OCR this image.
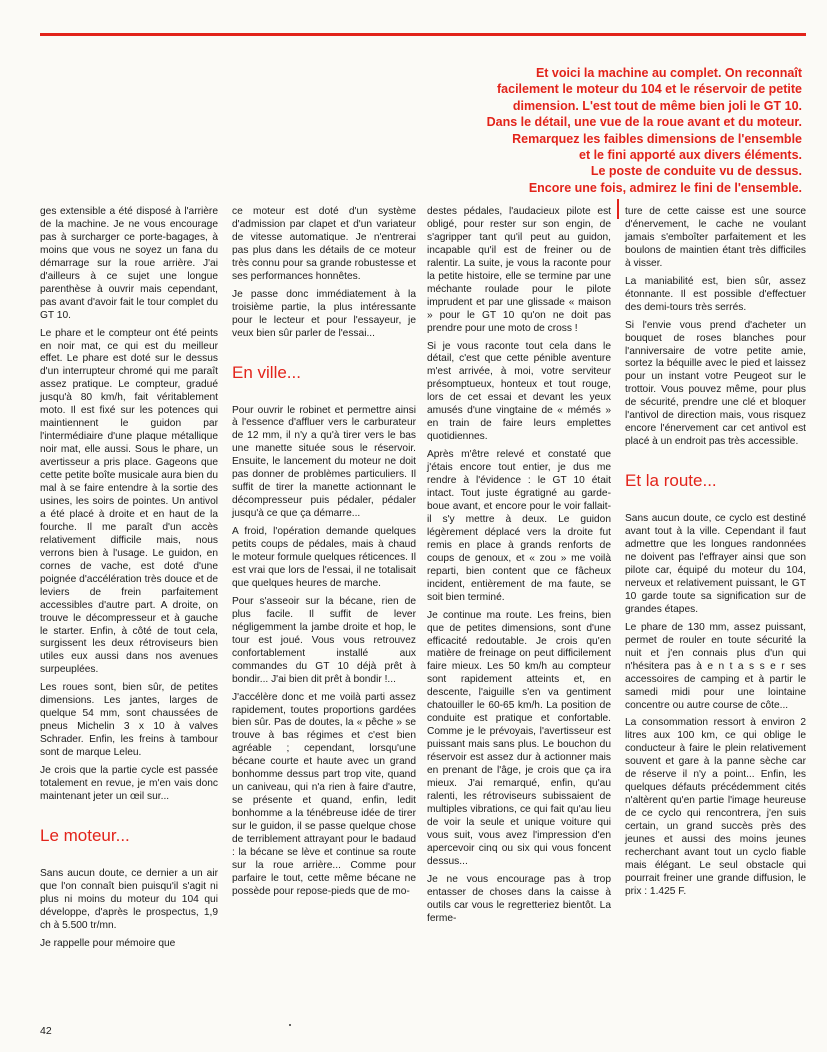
Et voici la machine au complet. On reconnaît
facilement le moteur du 104 et le réservoir de petite
dimension. L'est tout de même bien joli le GT 10.
Dans le détail, une vue de la roue avant et du moteur.
Remarquez les faibles dimensions de l'ensemble
et le fini apporté aux divers éléments.
Le poste de conduite vu de dessus.
Encore une fois, admirez le fini de l'ensemble.

ges extensible a été disposé à l'arrière de la machine. Je ne vous encourage pas à surcharger ce porte-bagages, à moins que vous ne soyez un fana du démarrage sur la roue arrière. J'ai d'ailleurs à ce sujet une longue parenthèse à ouvrir mais cependant, pas avant d'avoir fait le tour complet du GT 10.

Le phare et le compteur ont été peints en noir mat, ce qui est du meilleur effet. Le phare est doté sur le dessus d'un interrupteur chromé qui me paraît assez pratique. Le compteur, gradué jusqu'à 80 km/h, fait véritablement moto. Il est fixé sur les potences qui maintiennent le guidon par l'intermédiaire d'une plaque métallique noir mat, elle aussi. Sous le phare, un avertisseur a pris place. Gageons que cette petite boîte musicale aura bien du mal à se faire entendre à la sortie des usines, les soirs de pointes. Un antivol a été placé à droite et en haut de la fourche. Il me paraît d'un accès relativement difficile mais, nous verrons bien à l'usage. Le guidon, en cornes de vache, est doté d'une poignée d'accélération très douce et de leviers de frein parfaitement accessibles d'autre part. A droite, on trouve le décompresseur et à gauche le starter. Enfin, à côté de tout cela, surgissent les deux rétroviseurs bien utiles eux aussi dans nos avenues surpeuplées.

Les roues sont, bien sûr, de petites dimensions. Les jantes, larges de quelque 54 mm, sont chaussées de pneus Michelin 3 x 10 à valves Schrader. Enfin, les freins à tambour sont de marque Leleu.

Je crois que la partie cycle est passée totalement en revue, je m'en vais donc maintenant jeter un œil sur...

Le moteur...

Sans aucun doute, ce dernier a un air que l'on connaît bien puisqu'il s'agit ni plus ni moins du moteur du 104 qui développe, d'après le prospectus, 1,9 ch à 5.500 tr/mn.

Je rappelle pour mémoire que

ce moteur est doté d'un système d'admission par clapet et d'un variateur de vitesse automatique. Je n'entrerai pas plus dans les détails de ce moteur très connu pour sa grande robustesse et ses performances honnêtes.

Je passe donc immédiatement à la troisième partie, la plus intéressante pour le lecteur et pour l'essayeur, je veux bien sûr parler de l'essai...

En ville...

Pour ouvrir le robinet et permettre ainsi à l'essence d'affluer vers le carburateur de 12 mm, il n'y a qu'à tirer vers le bas une manette située sous le réservoir. Ensuite, le lancement du moteur ne doit pas donner de problèmes particuliers. Il suffit de tirer la manette actionnant le décompresseur puis pédaler, pédaler jusqu'à ce que ça démarre...

A froid, l'opération demande quelques petits coups de pédales, mais à chaud le moteur formule quelques réticences. Il est vrai que lors de l'essai, il ne totalisait que quelques heures de marche.

Pour s'asseoir sur la bécane, rien de plus facile. Il suffit de lever négligemment la jambe droite et hop, le tour est joué. Vous vous retrouvez confortablement installé aux commandes du GT 10 déjà prêt à bondir... J'ai bien dit prêt à bondir !...

J'accélère donc et me voilà parti assez rapidement, toutes proportions gardées bien sûr. Pas de doutes, la « pêche » se trouve à bas régimes et c'est bien agréable ; cependant, lorsqu'une bécane courte et haute avec un grand bonhomme dessus part trop vite, quand un caniveau, qui n'a rien à faire d'autre, se présente et quand, enfin, ledit bonhomme a la ténébreuse idée de tirer sur le guidon, il se passe quelque chose de terriblement attrayant pour le badaud : la bécane se lève et continue sa route sur la roue arrière... Comme pour parfaire le tout, cette même bécane ne possède pour repose-pieds que de mo-

destes pédales, l'audacieux pilote est obligé, pour rester sur son engin, de s'agripper tant qu'il peut au guidon, incapable qu'il est de freiner ou de ralentir. La suite, je vous la raconte pour la petite histoire, elle se termine par une méchante roulade pour le pilote imprudent et par une glissade « maison » pour le GT 10 qu'on ne doit pas prendre pour une moto de cross !

Si je vous raconte tout cela dans le détail, c'est que cette pénible aventure m'est arrivée, à moi, votre serviteur présomptueux, honteux et tout rouge, lors de cet essai et devant les yeux amusés d'une vingtaine de « mémés » en train de faire leurs emplettes quotidiennes.

Après m'être relevé et constaté que j'étais encore tout entier, je dus me rendre à l'évidence : le GT 10 était intact. Tout juste égratigné au garde-boue avant, et encore pour le voir fallait-il s'y mettre à deux. Le guidon légèrement déplacé vers la droite fut remis en place à grands renforts de coups de genoux, et « zou » me voilà reparti, bien content que ce fâcheux incident, entièrement de ma faute, se soit bien terminé.

Je continue ma route. Les freins, bien que de petites dimensions, sont d'une efficacité redoutable. Je crois qu'en matière de freinage on peut difficilement faire mieux. Les 50 km/h au compteur sont rapidement atteints et, en descente, l'aiguille s'en va gentiment chatouiller le 60-65 km/h. La position de conduite est pratique et confortable. Comme je le prévoyais, l'avertisseur est puissant mais sans plus. Le bouchon du réservoir est assez dur à actionner mais en prenant de l'âge, je crois que ça ira mieux. J'ai remarqué, enfin, qu'au ralenti, les rétroviseurs subissaient de multiples vibrations, ce qui fait qu'au lieu de voir la seule et unique voiture qui vous suit, vous avez l'impression d'en apercevoir cinq ou six qui vous foncent dessus...

Je ne vous encourage pas à trop entasser de choses dans la caisse à outils car vous le regretteriez bientôt. La ferme-

ture de cette caisse est une source d'énervement, le cache ne voulant jamais s'emboîter parfaitement et les boulons de maintien étant très difficiles à visser.

La maniabilité est, bien sûr, assez étonnante. Il est possible d'effectuer des demi-tours très serrés.

Si l'envie vous prend d'acheter un bouquet de roses blanches pour l'anniversaire de votre petite amie, sortez la béquille avec le pied et laissez pour un instant votre Peugeot sur le trottoir. Vous pouvez même, pour plus de sécurité, prendre une clé et bloquer l'antivol de direction mais, vous risquez encore l'énervement car cet antivol est placé à un endroit pas très accessible.

Et la route...

Sans aucun doute, ce cyclo est destiné avant tout à la ville. Cependant il faut admettre que les longues randonnées ne doivent pas l'effrayer ainsi que son pilote car, équipé du moteur du 104, nerveux et relativement puissant, le GT 10 garde toute sa signification sur de grandes étapes.

Le phare de 130 mm, assez puissant, permet de rouler en toute sécurité la nuit et j'en connais plus d'un qui n'hésitera pas à e n t a s s e r ses accessoires de camping et à partir le samedi midi pour une lointaine concentre ou autre course de côte...

La consommation ressort à environ 2 litres aux 100 km, ce qui oblige le conducteur à faire le plein relativement souvent et gare à la panne sèche car de réserve il n'y a point... Enfin, les quelques défauts précédemment cités n'altèrent qu'en partie l'image heureuse de ce cyclo qui rencontrera, j'en suis certain, un grand succès près des jeunes et aussi des moins jeunes recherchant avant tout un cyclo fiable mais élégant. Le seul obstacle qui pourrait freiner une grande diffusion, le prix : 1.425 F.

42
